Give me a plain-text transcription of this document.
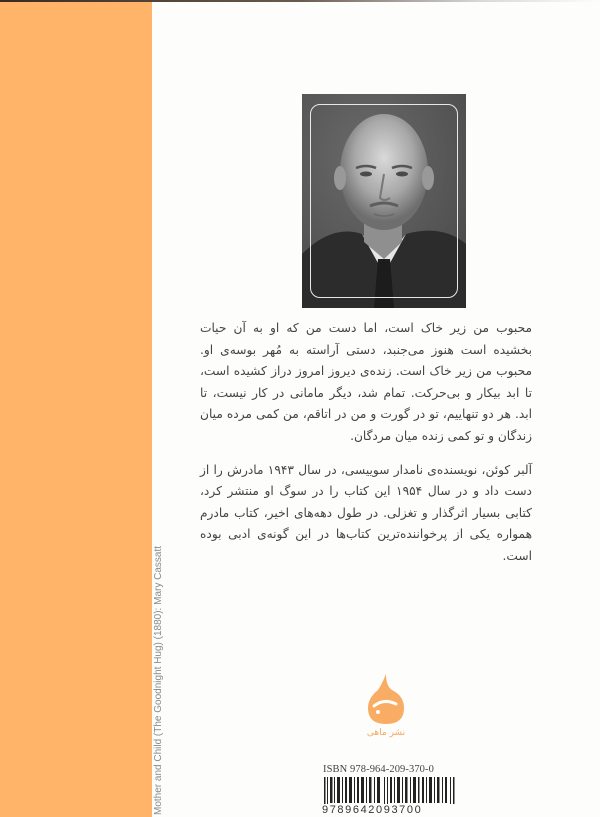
Mother and Child (The Goodnight Hug) (1880): Mary Cassatt

محبوب من زیر خاک است، اما دست من که او به آن حیات بخشیده است هنوز می‌جنبد، دستی آراسته به مُهر بوسه‌ی او. محبوب من زیر خاک است. زنده‌ی دیروز امروز دراز کشیده است، تا ابد بیکار و بی‌حرکت. تمام شد، دیگر مامانی در کار نیست، تا ابد. هر دو تنهاییم، تو در گورت و من در اتاقم، من کمی مرده میان زندگان و تو کمی زنده میان مردگان.

آلبر کوئن، نویسنده‌ی نامدار سوییسی، در سال ۱۹۴۳ مادرش را از دست داد و در سال ۱۹۵۴ این کتاب را در سوگ او منتشر کرد، کتابی بسیار اثرگذار و تغزلی. در طول دهه‌های اخیر، کتاب مادرم همواره یکی از پرخواننده‌ترین کتاب‌ها در این گونه‌ی ادبی بوده است.

نشر ماهی
ISBN 978-964-209-370-0
9789642093700
